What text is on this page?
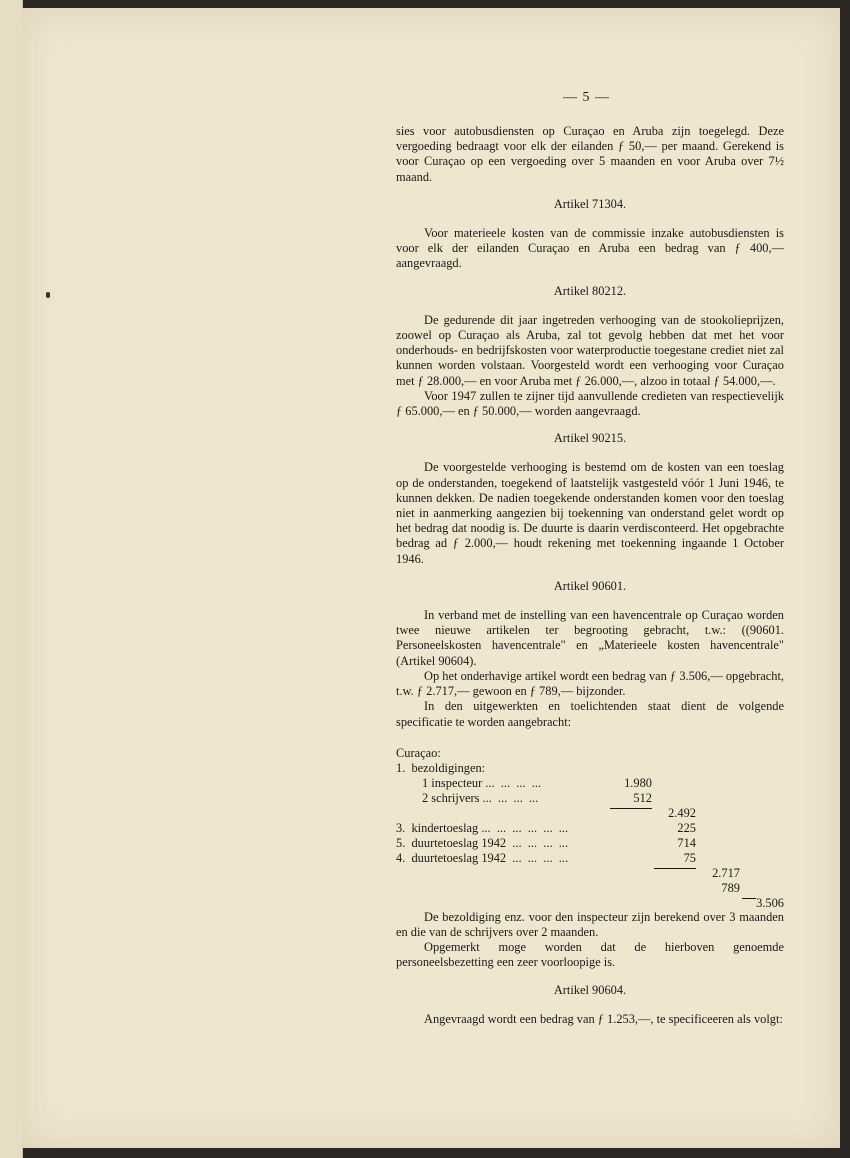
— 5 —

sies voor autobusdiensten op Curaçao en Aruba zijn toegelegd. Deze vergoeding bedraagt voor elk der eilanden ƒ 50,— per maand. Gerekend is voor Curaçao op een vergoeding over 5 maanden en voor Aruba over 7½ maand.

Artikel 71304.

Voor materieele kosten van de commissie inzake autobusdiensten is voor elk der eilanden Curaçao en Aruba een bedrag van ƒ 400,— aangevraagd.

Artikel 80212.

De gedurende dit jaar ingetreden verhooging van de stookolieprijzen, zoowel op Curaçao als Aruba, zal tot gevolg hebben dat met het voor onderhouds- en bedrijfskosten voor waterproductie toegestane crediet niet zal kunnen worden volstaan. Voorgesteld wordt een verhooging voor Curaçao met ƒ 28.000,— en voor Aruba met ƒ 26.000,—, alzoo in totaal ƒ 54.000,—.

Voor 1947 zullen te zijner tijd aanvullende credieten van respectievelijk ƒ 65.000,— en ƒ 50.000,— worden aangevraagd.

Artikel 90215.

De voorgestelde verhooging is bestemd om de kosten van een toeslag op de onderstanden, toegekend of laatstelijk vastgesteld vóór 1 Juni 1946, te kunnen dekken. De nadien toegekende onderstanden komen voor den toeslag niet in aanmerking aangezien bij toekenning van onderstand gelet wordt op het bedrag dat noodig is. De duurte is daarin verdisconteerd. Het opgebrachte bedrag ad ƒ 2.000,— houdt rekening met toekenning ingaande 1 October 1946.

Artikel 90601.

In verband met de instelling van een havencentrale op Curaçao worden twee nieuwe artikelen ter begrooting gebracht, t.w.: ((90601. Personeelskosten havencentrale" en „Materieele kosten havencentrale" (Artikel 90604).

Op het onderhavige artikel wordt een bedrag van ƒ 3.506,— opgebracht, t.w. ƒ 2.717,— gewoon en ƒ 789,— bijzonder.

In den uitgewerkten en toelichtenden staat dient de volgende specificatie te worden aangebracht:

Curaçao:
1.  bezoldigingen:
1 inspecteur ...  ...  ...  ...	1.980
2 schrijvers ...  ...  ...  ...	512
2.492
3.  kindertoeslag ...  ...  ...  ...  ...  ...	225
5.  duurtetoeslag 1942  ...  ...  ...  ...	714
4.  duurtetoeslag 1942  ...  ...  ...  ...	75
2.717
789
3.506

De bezoldiging enz. voor den inspecteur zijn berekend over 3 maanden en die van de schrijvers over 2 maanden.

Opgemerkt moge worden dat de hierboven genoemde personeelsbezetting een zeer voorloopige is.

Artikel 90604.

Angevraagd wordt een bedrag van ƒ 1.253,—, te specificeeren als volgt:
